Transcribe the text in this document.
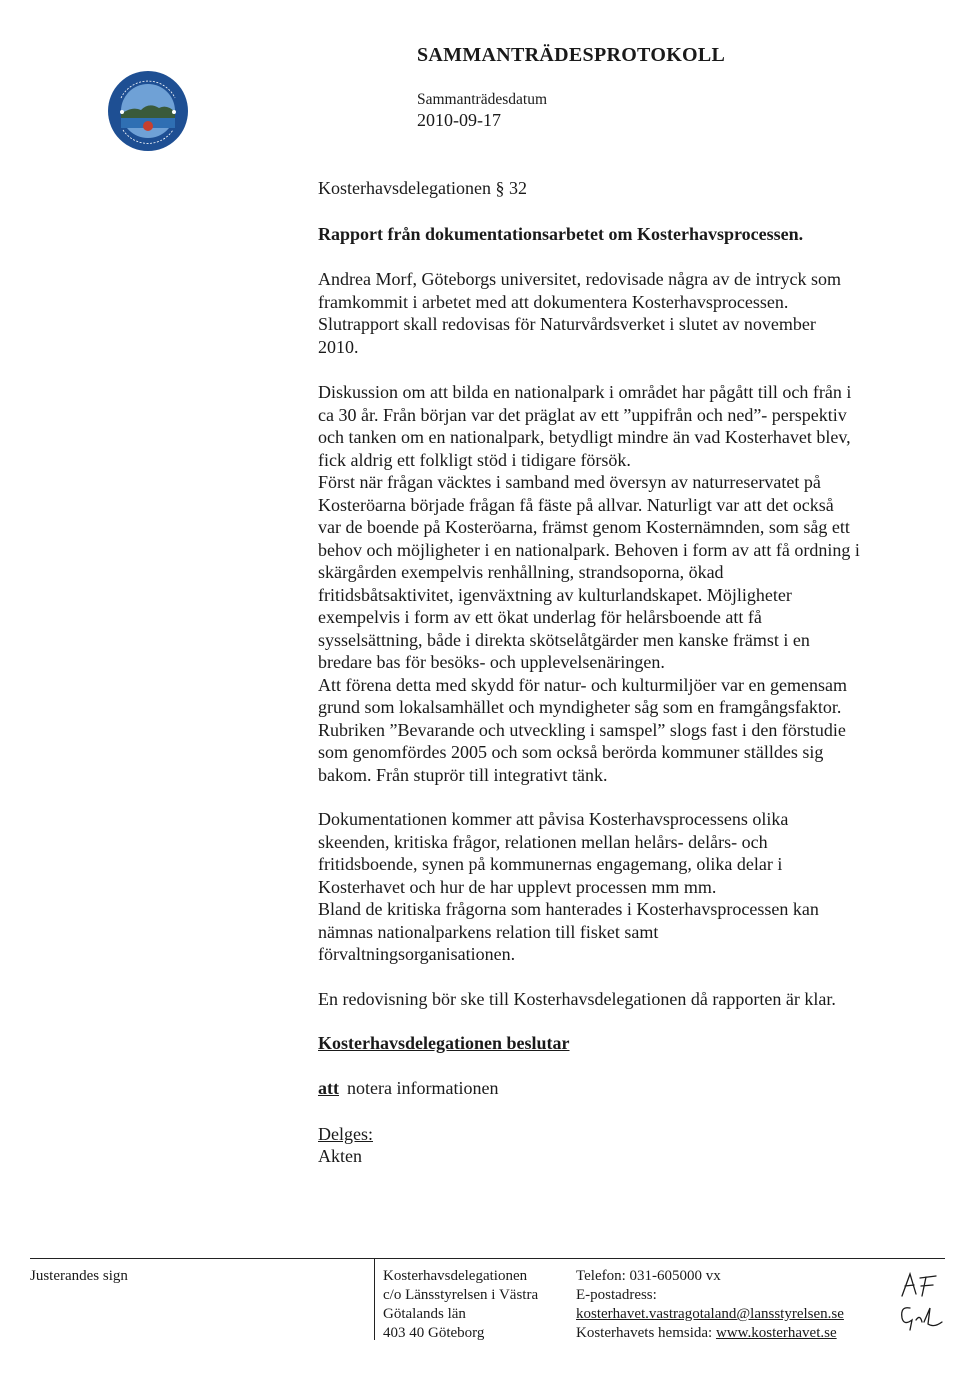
SAMMANTRÄDESPROTOKOLL
Sammanträdesdatum
2010-09-17
Kosterhavsdelegationen § 32
Rapport från dokumentationsarbetet om Kosterhavsprocessen.
Andrea Morf, Göteborgs universitet, redovisade några av de intryck som
framkommit i arbetet med att dokumentera Kosterhavsprocessen.
Slutrapport skall redovisas för Naturvårdsverket i slutet av november
2010.
Diskussion om att bilda en nationalpark i området har pågått till och från i
ca 30 år. Från början var det präglat av ett ”uppifrån och ned”- perspektiv
och tanken om en nationalpark, betydligt mindre än vad Kosterhavet blev,
fick aldrig ett folkligt stöd i tidigare försök.
Först när frågan väcktes i samband med översyn av naturreservatet på
Kosteröarna började frågan få fäste på allvar. Naturligt var att det också
var de boende på Kosteröarna, främst genom Kosternämnden, som såg ett
behov och möjligheter i en nationalpark. Behoven i form av att få ordning i
skärgården exempelvis renhållning, strandsoporna, ökad
fritidsbåtsaktivitet, igenväxtning av kulturlandskapet. Möjligheter
exempelvis i form av ett ökat underlag för helårsboende att få
sysselsättning, både i direkta skötselåtgärder men kanske främst i en
bredare bas för besöks- och upplevelsenäringen.
Att förena detta med skydd för natur- och kulturmiljöer var en gemensam
grund som lokalsamhället och myndigheter såg som en framgångsfaktor.
Rubriken ”Bevarande och utveckling i samspel” slogs fast i den förstudie
som genomfördes 2005 och som också berörda kommuner ställdes sig
bakom. Från stuprör till integrativt tänk.
Dokumentationen kommer att påvisa Kosterhavsprocessens olika
skeenden, kritiska frågor, relationen mellan helårs- delårs- och
fritidsboende, synen på kommunernas engagemang, olika delar i
Kosterhavet och hur de har upplevt processen mm mm.
Bland de kritiska frågorna som hanterades i Kosterhavsprocessen kan
nämnas nationalparkens relation till fisket samt
förvaltningsorganisationen.
En redovisning bör ske till Kosterhavsdelegationen då rapporten är klar.
Kosterhavsdelegationen beslutar
att notera informationen
Delges:
Akten
Justerandes sign	Kosterhavsdelegationen
c/o Länsstyrelsen i Västra
Götalands län
403 40 Göteborg
Telefon: 031-605000 vx
E-postadress:
kosterhavet.vastragotaland@lansstyrelsen.se
Kosterhavets hemsida: www.kosterhavet.se
